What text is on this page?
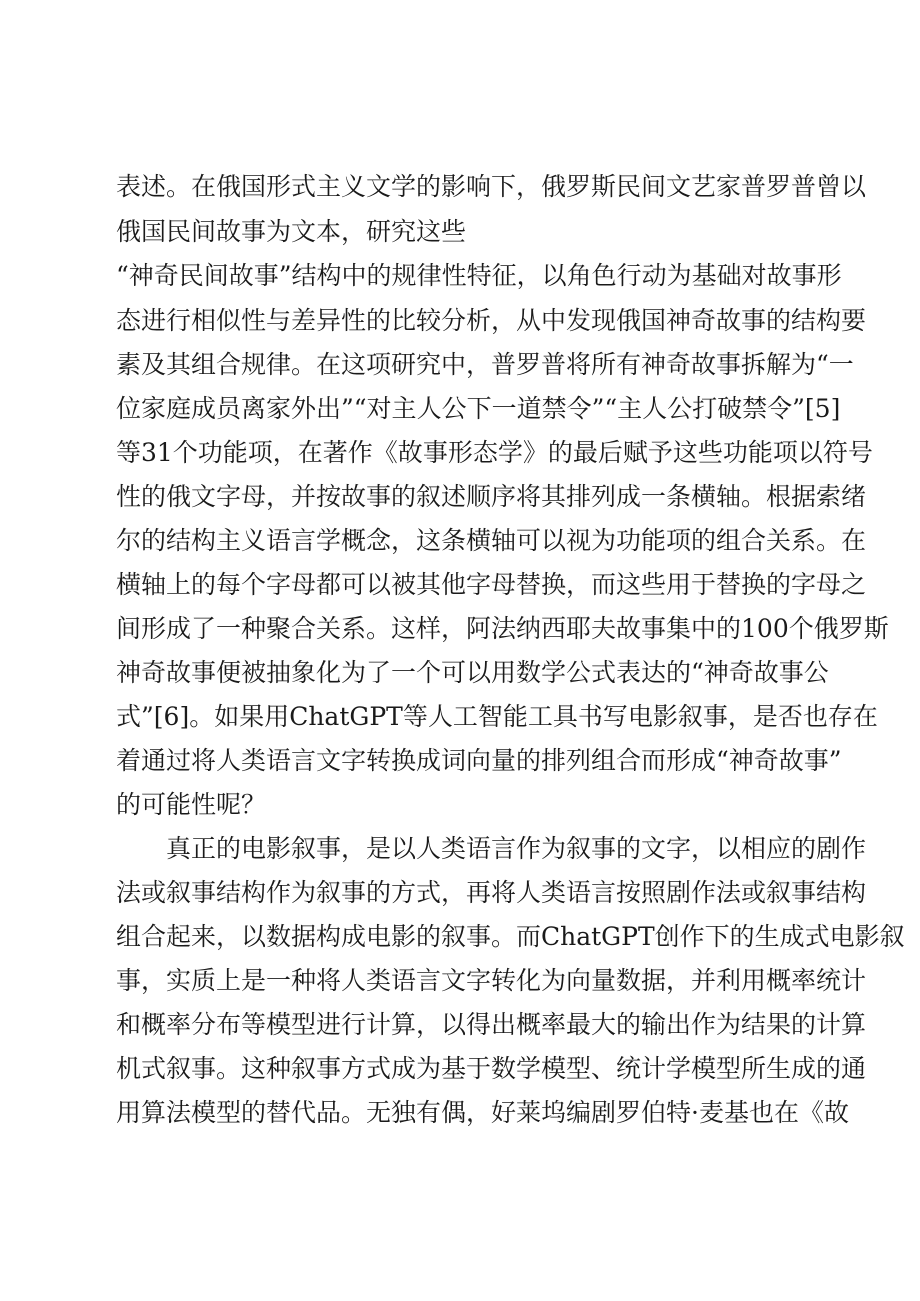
表述。在俄国形式主义文学的影响下，俄罗斯民间文艺家普罗普曾以
俄国民间故事为文本，研究这些
“神奇民间故事”结构中的规律性特征，以角色行动为基础对故事形
态进行相似性与差异性的比较分析，从中发现俄国神奇故事的结构要
素及其组合规律。在这项研究中，普罗普将所有神奇故事拆解为“一
位家庭成员离家外出”“对主人公下一道禁令”“主人公打破禁令”[5]
等31个功能项，在著作《故事形态学》的最后赋予这些功能项以符号
性的俄文字母，并按故事的叙述顺序将其排列成一条横轴。根据索绪
尔的结构主义语言学概念，这条横轴可以视为功能项的组合关系。在
横轴上的每个字母都可以被其他字母替换，而这些用于替换的字母之
间形成了一种聚合关系。这样，阿法纳西耶夫故事集中的100个俄罗斯
神奇故事便被抽象化为了一个可以用数学公式表达的“神奇故事公
式”[6]。如果用ChatGPT等人工智能工具书写电影叙事，是否也存在
着通过将人类语言文字转换成词向量的排列组合而形成“神奇故事”
的可能性呢？
　　真正的电影叙事，是以人类语言作为叙事的文字，以相应的剧作
法或叙事结构作为叙事的方式，再将人类语言按照剧作法或叙事结构
组合起来，以数据构成电影的叙事。而ChatGPT创作下的生成式电影叙
事，实质上是一种将人类语言文字转化为向量数据，并利用概率统计
和概率分布等模型进行计算，以得出概率最大的输出作为结果的计算
机式叙事。这种叙事方式成为基于数学模型、统计学模型所生成的通
用算法模型的替代品。无独有偶，好莱坞编剧罗伯特·麦基也在《故
